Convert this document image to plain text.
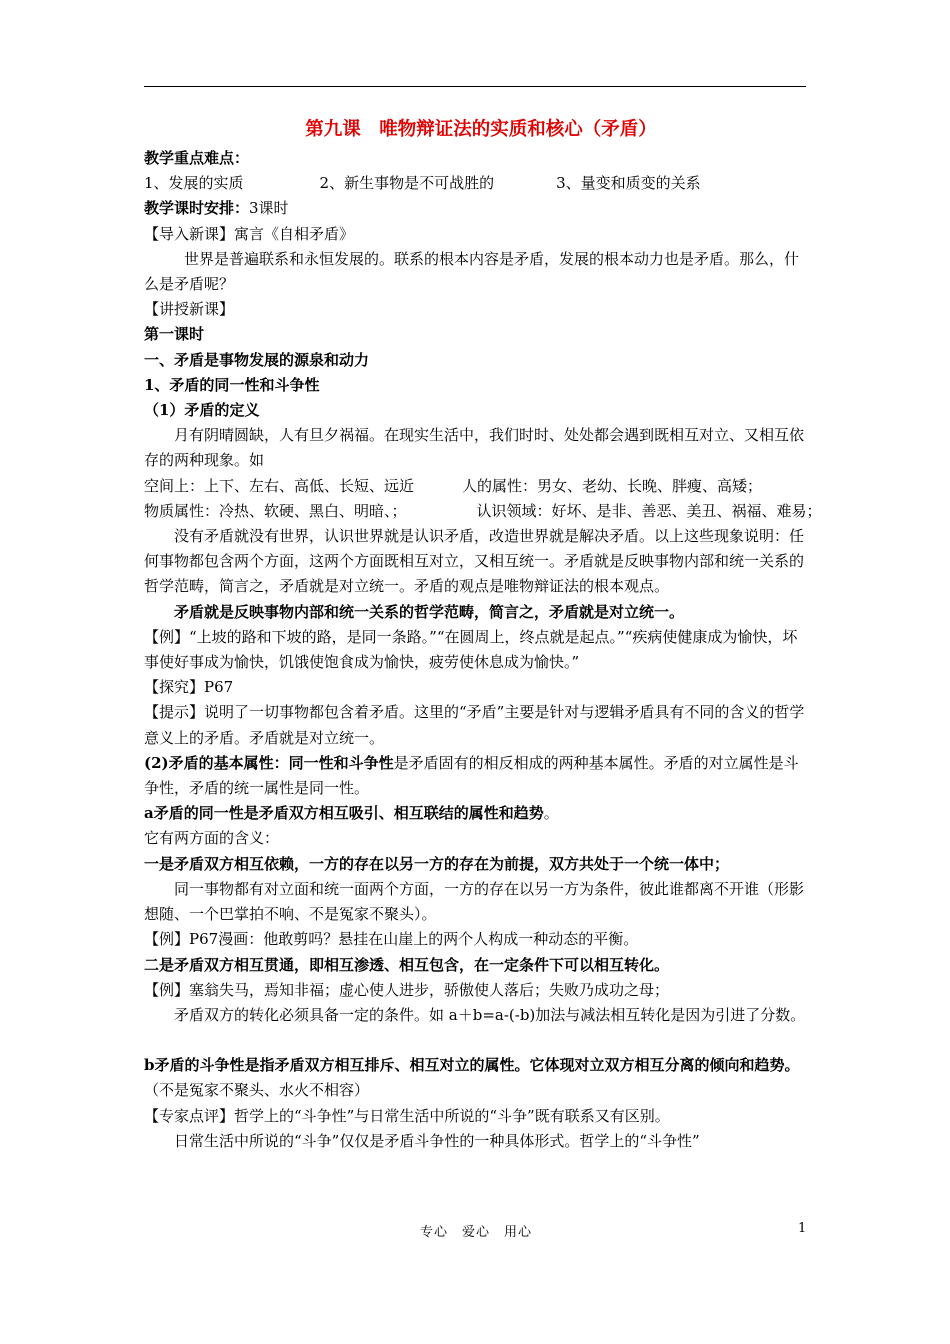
第九课　唯物辩证法的实质和核心（矛盾）

教学重点难点：

1、发展的实质	2、新生事物是不可战胜的	3、量变和质变的关系

教学课时安排：3课时

【导入新课】寓言《自相矛盾》

世界是普遍联系和永恒发展的。联系的根本内容是矛盾，发展的根本动力也是矛盾。那么，什么是矛盾呢？

【讲授新课】

第一课时

一、矛盾是事物发展的源泉和动力

1、矛盾的同一性和斗争性

（1）矛盾的定义

月有阴晴圆缺，人有旦夕祸福。在现实生活中，我们时时、处处都会遇到既相互对立、又相互依存的两种现象。如

空间上：上下、左右、高低、长短、远近	人的属性：男女、老幼、长晚、胖瘦、高矮；

物质属性：冷热、软硬、黑白、明暗、；	认识领域：好坏、是非、善恶、美丑、祸福、难易；

没有矛盾就没有世界，认识世界就是认识矛盾，改造世界就是解决矛盾。以上这些现象说明：任何事物都包含两个方面，这两个方面既相互对立，又相互统一。矛盾就是反映事物内部和统一关系的哲学范畴，简言之，矛盾就是对立统一。矛盾的观点是唯物辩证法的根本观点。

矛盾就是反映事物内部和统一关系的哲学范畴，简言之，矛盾就是对立统一。

【例】“上坡的路和下坡的路，是同一条路。”“在圆周上，终点就是起点。”“疾病使健康成为愉快，坏事使好事成为愉快，饥饿使饱食成为愉快，疲劳使休息成为愉快。”

【探究】P67

【提示】说明了一切事物都包含着矛盾。这里的“矛盾”主要是针对与逻辑矛盾具有不同的含义的哲学意义上的矛盾。矛盾就是对立统一。

(2)矛盾的基本属性：同一性和斗争性是矛盾固有的相反相成的两种基本属性。矛盾的对立属性是斗争性，矛盾的统一属性是同一性。

a矛盾的同一性是矛盾双方相互吸引、相互联结的属性和趋势。

它有两方面的含义：

一是矛盾双方相互依赖，一方的存在以另一方的存在为前提，双方共处于一个统一体中；

同一事物都有对立面和统一面两个方面，一方的存在以另一方为条件，彼此谁都离不开谁（形影想随、一个巴掌拍不响、不是冤家不聚头）。

【例】P67漫画：他敢剪吗？悬挂在山崖上的两个人构成一种动态的平衡。

二是矛盾双方相互贯通，即相互渗透、相互包含，在一定条件下可以相互转化。

【例】塞翁失马，焉知非福；虚心使人进步，骄傲使人落后；失败乃成功之母；

矛盾双方的转化必须具备一定的条件。如 a＋b=a-(-b)加法与减法相互转化是因为引进了分数。

b矛盾的斗争性是指矛盾双方相互排斥、相互对立的属性。它体现对立双方相互分离的倾向和趋势。

（不是冤家不聚头、水火不相容）

【专家点评】哲学上的“斗争性”与日常生活中所说的“斗争”既有联系又有区别。

日常生活中所说的“斗争”仅仅是矛盾斗争性的一种具体形式。哲学上的“斗争性”

专心　爱心　用心	1
